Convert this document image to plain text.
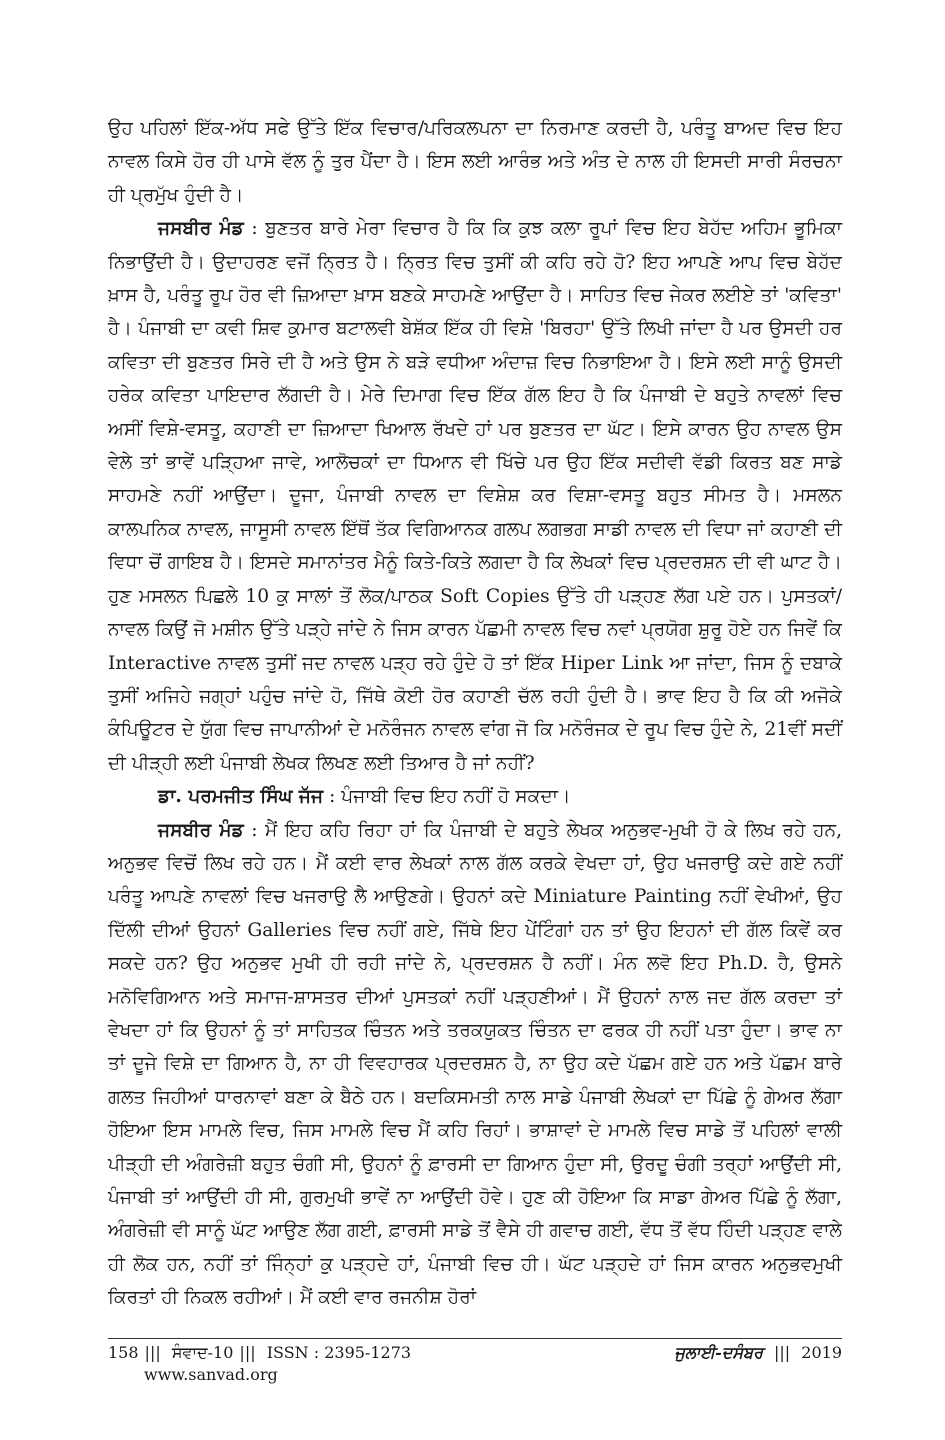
ਉਹ ਪਹਿਲਾਂ ਇੱਕ-ਅੱਧ ਸਫੇ ਉੱਤੇ ਇੱਕ ਵਿਚਾਰ/ਪਰਿਕਲਪਨਾ ਦਾ ਨਿਰਮਾਣ ਕਰਦੀ ਹੈ, ਪਰੰਤੂ ਬਾਅਦ ਵਿਚ ਇਹ ਨਾਵਲ ਕਿਸੇ ਹੋਰ ਹੀ ਪਾਸੇ ਵੱਲ ਨੂੰ ਤੁਰ ਪੈਂਦਾ ਹੈ। ਇਸ ਲਈ ਆਰੰਭ ਅਤੇ ਅੰਤ ਦੇ ਨਾਲ ਹੀ ਇਸਦੀ ਸਾਰੀ ਸੰਰਚਨਾ ਹੀ ਪ੍ਰਮੁੱਖ ਹੁੰਦੀ ਹੈ।

ਜਸਬੀਰ ਮੰਡ : ਬੁਣਤਰ ਬਾਰੇ ਮੇਰਾ ਵਿਚਾਰ ਹੈ ਕਿ ਕਿ ਕੁਝ ਕਲਾ ਰੂਪਾਂ ਵਿਚ ਇਹ ਬੇਹੱਦ ਅਹਿਮ ਭੂਮਿਕਾ ਨਿਭਾਉਂਦੀ ਹੈ। ਉਦਾਹਰਣ ਵਜੋਂ ਨ੍ਰਿਤ ਹੈ। ਨ੍ਰਿਤ ਵਿਚ ਤੁਸੀਂ ਕੀ ਕਹਿ ਰਹੇ ਹੋ? ਇਹ ਆਪਣੇ ਆਪ ਵਿਚ ਬੇਹੱਦ ਖ਼ਾਸ ਹੈ, ਪਰੰਤੂ ਰੂਪ ਹੋਰ ਵੀ ਜ਼ਿਆਦਾ ਖ਼ਾਸ ਬਣਕੇ ਸਾਹਮਣੇ ਆਉਂਦਾ ਹੈ। ਸਾਹਿਤ ਵਿਚ ਜੇਕਰ ਲਈਏ ਤਾਂ 'ਕਵਿਤਾ' ਹੈ। ਪੰਜਾਬੀ ਦਾ ਕਵੀ ਸ਼ਿਵ ਕੁਮਾਰ ਬਟਾਲਵੀ ਬੇਸ਼ੱਕ ਇੱਕ ਹੀ ਵਿਸ਼ੇ 'ਬਿਰਹਾ' ਉੱਤੇ ਲਿਖੀ ਜਾਂਦਾ ਹੈ ਪਰ ਉਸਦੀ ਹਰ ਕਵਿਤਾ ਦੀ ਬੁਣਤਰ ਸਿਰੇ ਦੀ ਹੈ ਅਤੇ ਉਸ ਨੇ ਬੜੇ ਵਧੀਆ ਅੰਦਾਜ਼ ਵਿਚ ਨਿਭਾਇਆ ਹੈ। ਇਸੇ ਲਈ ਸਾਨੂੰ ਉਸਦੀ ਹਰੇਕ ਕਵਿਤਾ ਪਾਇਦਾਰ ਲੱਗਦੀ ਹੈ। ਮੇਰੇ ਦਿਮਾਗ ਵਿਚ ਇੱਕ ਗੱਲ ਇਹ ਹੈ ਕਿ ਪੰਜਾਬੀ ਦੇ ਬਹੁਤੇ ਨਾਵਲਾਂ ਵਿਚ ਅਸੀਂ ਵਿਸ਼ੇ-ਵਸਤੂ, ਕਹਾਣੀ ਦਾ ਜ਼ਿਆਦਾ ਖਿਆਲ ਰੱਖਦੇ ਹਾਂ ਪਰ ਬੁਣਤਰ ਦਾ ਘੱਟ। ਇਸੇ ਕਾਰਨ ਉਹ ਨਾਵਲ ਉਸ ਵੇਲੇ ਤਾਂ ਭਾਵੇਂ ਪੜ੍ਹਿਆ ਜਾਵੇ, ਆਲੋਚਕਾਂ ਦਾ ਧਿਆਨ ਵੀ ਖਿੱਚੇ ਪਰ ਉਹ ਇੱਕ ਸਦੀਵੀ ਵੱਡੀ ਕਿਰਤ ਬਣ ਸਾਡੇ ਸਾਹਮਣੇ ਨਹੀਂ ਆਉਂਦਾ। ਦੂਜਾ, ਪੰਜਾਬੀ ਨਾਵਲ ਦਾ ਵਿਸ਼ੇਸ਼ ਕਰ ਵਿਸ਼ਾ-ਵਸਤੂ ਬਹੁਤ ਸੀਮਤ ਹੈ। ਮਸਲਨ ਕਾਲਪਨਿਕ ਨਾਵਲ, ਜਾਸੂਸੀ ਨਾਵਲ ਇੱਥੋਂ ਤੱਕ ਵਿਗਿਆਨਕ ਗਲਪ ਲਗਭਗ ਸਾਡੀ ਨਾਵਲ ਦੀ ਵਿਧਾ ਜਾਂ ਕਹਾਣੀ ਦੀ ਵਿਧਾ ਚੋਂ ਗਾਇਬ ਹੈ। ਇਸਦੇ ਸਮਾਨਾਂਤਰ ਮੈਨੂੰ ਕਿਤੇ-ਕਿਤੇ ਲਗਦਾ ਹੈ ਕਿ ਲੇਖਕਾਂ ਵਿਚ ਪ੍ਰਦਰਸ਼ਨ ਦੀ ਵੀ ਘਾਟ ਹੈ। ਹੁਣ ਮਸਲਨ ਪਿਛਲੇ 10 ਕੁ ਸਾਲਾਂ ਤੋਂ ਲੋਕ/ਪਾਠਕ Soft Copies ਉੱਤੇ ਹੀ ਪੜ੍ਹਣ ਲੱਗ ਪਏ ਹਨ। ਪੁਸਤਕਾਂ/ਨਾਵਲ ਕਿਉਂ ਜੋ ਮਸ਼ੀਨ ਉੱਤੇ ਪੜ੍ਹੇ ਜਾਂਦੇ ਨੇ ਜਿਸ ਕਾਰਨ ਪੱਛਮੀ ਨਾਵਲ ਵਿਚ ਨਵਾਂ ਪ੍ਰਯੋਗ ਸ਼ੁਰੂ ਹੋਏ ਹਨ ਜਿਵੇਂ ਕਿ Interactive ਨਾਵਲ ਤੁਸੀਂ ਜਦ ਨਾਵਲ ਪੜ੍ਹ ਰਹੇ ਹੁੰਦੇ ਹੋ ਤਾਂ ਇੱਕ Hiper Link ਆ ਜਾਂਦਾ, ਜਿਸ ਨੂੰ ਦਬਾਕੇ ਤੁਸੀਂ ਅਜਿਹੇ ਜਗ੍ਹਾਂ ਪਹੁੰਚ ਜਾਂਦੇ ਹੋ, ਜਿੱਥੇ ਕੋਈ ਹੋਰ ਕਹਾਣੀ ਚੱਲ ਰਹੀ ਹੁੰਦੀ ਹੈ। ਭਾਵ ਇਹ ਹੈ ਕਿ ਕੀ ਅਜੋਕੇ ਕੰਪਿਊਟਰ ਦੇ ਯੁੱਗ ਵਿਚ ਜਾਪਾਨੀਆਂ ਦੇ ਮਨੋਰੰਜਨ ਨਾਵਲ ਵਾਂਗ ਜੋ ਕਿ ਮਨੋਰੰਜਕ ਦੇ ਰੂਪ ਵਿਚ ਹੁੰਦੇ ਨੇ, 21ਵੀਂ ਸਦੀਂ ਦੀ ਪੀੜ੍ਹੀ ਲਈ ਪੰਜਾਬੀ ਲੇਖਕ ਲਿਖਣ ਲਈ ਤਿਆਰ ਹੈ ਜਾਂ ਨਹੀਂ?

ਡਾ. ਪਰਮਜੀਤ ਸਿੰਘ ਜੱਜ : ਪੰਜਾਬੀ ਵਿਚ ਇਹ ਨਹੀਂ ਹੋ ਸਕਦਾ।

ਜਸਬੀਰ ਮੰਡ : ਮੈਂ ਇਹ ਕਹਿ ਰਿਹਾ ਹਾਂ ਕਿ ਪੰਜਾਬੀ ਦੇ ਬਹੁਤੇ ਲੇਖਕ ਅਨੁਭਵ-ਮੁਖੀ ਹੋ ਕੇ ਲਿਖ ਰਹੇ ਹਨ, ਅਨੁਭਵ ਵਿਚੋਂ ਲਿਖ ਰਹੇ ਹਨ। ਮੈਂ ਕਈ ਵਾਰ ਲੇਖਕਾਂ ਨਾਲ ਗੱਲ ਕਰਕੇ ਵੇਖਦਾ ਹਾਂ, ਉਹ ਖਜਰਾਉ ਕਦੇ ਗਏ ਨਹੀਂ ਪਰੰਤੂ ਆਪਣੇ ਨਾਵਲਾਂ ਵਿਚ ਖਜਰਾਉ ਲੈ ਆਉਣਗੇ। ਉਹਨਾਂ ਕਦੇ Miniature Painting ਨਹੀਂ ਵੇਖੀਆਂ, ਉਹ ਦਿੱਲੀ ਦੀਆਂ ਉਹਨਾਂ Galleries ਵਿਚ ਨਹੀਂ ਗਏ, ਜਿੱਥੇ ਇਹ ਪੇਂਟਿੰਗਾਂ ਹਨ ਤਾਂ ਉਹ ਇਹਨਾਂ ਦੀ ਗੱਲ ਕਿਵੇਂ ਕਰ ਸਕਦੇ ਹਨ? ਉਹ ਅਨੁਭਵ ਮੁਖੀ ਹੀ ਰਹੀ ਜਾਂਦੇ ਨੇ, ਪ੍ਰਦਰਸ਼ਨ ਹੈ ਨਹੀਂ। ਮੰਨ ਲਵੋ ਇਹ Ph.D. ਹੈ, ਉਸਨੇ ਮਨੋਵਿਗਿਆਨ ਅਤੇ ਸਮਾਜ-ਸ਼ਾਸਤਰ ਦੀਆਂ ਪੁਸਤਕਾਂ ਨਹੀਂ ਪੜ੍ਹਣੀਆਂ। ਮੈਂ ਉਹਨਾਂ ਨਾਲ ਜਦ ਗੱਲ ਕਰਦਾ ਤਾਂ ਵੇਖਦਾ ਹਾਂ ਕਿ ਉਹਨਾਂ ਨੂੰ ਤਾਂ ਸਾਹਿਤਕ ਚਿੰਤਨ ਅਤੇ ਤਰਕਯੁਕਤ ਚਿੰਤਨ ਦਾ ਫਰਕ ਹੀ ਨਹੀਂ ਪਤਾ ਹੁੰਦਾ। ਭਾਵ ਨਾ ਤਾਂ ਦੂਜੇ ਵਿਸ਼ੇ ਦਾ ਗਿਆਨ ਹੈ, ਨਾ ਹੀ ਵਿਵਹਾਰਕ ਪ੍ਰਦਰਸ਼ਨ ਹੈ, ਨਾ ਉਹ ਕਦੇ ਪੱਛਮ ਗਏ ਹਨ ਅਤੇ ਪੱਛਮ ਬਾਰੇ ਗਲਤ ਜਿਹੀਆਂ ਧਾਰਨਾਵਾਂ ਬਣਾ ਕੇ ਬੈਠੇ ਹਨ। ਬਦਕਿਸਮਤੀ ਨਾਲ ਸਾਡੇ ਪੰਜਾਬੀ ਲੇਖਕਾਂ ਦਾ ਪਿੱਛੇ ਨੂੰ ਗੇਅਰ ਲੱਗਾ ਹੋਇਆ ਇਸ ਮਾਮਲੇ ਵਿਚ, ਜਿਸ ਮਾਮਲੇ ਵਿਚ ਮੈਂ ਕਹਿ ਰਿਹਾਂ। ਭਾਸ਼ਾਵਾਂ ਦੇ ਮਾਮਲੇ ਵਿਚ ਸਾਡੇ ਤੋਂ ਪਹਿਲਾਂ ਵਾਲੀ ਪੀੜ੍ਹੀ ਦੀ ਅੰਗਰੇਜ਼ੀ ਬਹੁਤ ਚੰਗੀ ਸੀ, ਉਹਨਾਂ ਨੂੰ ਫ਼ਾਰਸੀ ਦਾ ਗਿਆਨ ਹੁੰਦਾ ਸੀ, ਉਰਦੂ ਚੰਗੀ ਤਰ੍ਹਾਂ ਆਉਂਦੀ ਸੀ, ਪੰਜਾਬੀ ਤਾਂ ਆਉਂਦੀ ਹੀ ਸੀ, ਗੁਰਮੁਖੀ ਭਾਵੇਂ ਨਾ ਆਉਂਦੀ ਹੋਵੇ। ਹੁਣ ਕੀ ਹੋਇਆ ਕਿ ਸਾਡਾ ਗੇਅਰ ਪਿੱਛੇ ਨੂੰ ਲੱਗਾ, ਅੰਗਰੇਜ਼ੀ ਵੀ ਸਾਨੂੰ ਘੱਟ ਆਉਣ ਲੱਗ ਗਈ, ਫ਼ਾਰਸੀ ਸਾਡੇ ਤੋਂ ਵੈਸੇ ਹੀ ਗਵਾਚ ਗਈ, ਵੱਧ ਤੋਂ ਵੱਧ ਹਿੰਦੀ ਪੜ੍ਹਣ ਵਾਲੇ ਹੀ ਲੋਕ ਹਨ, ਨਹੀਂ ਤਾਂ ਜਿੰਨ੍ਹਾਂ ਕੁ ਪੜ੍ਹਦੇ ਹਾਂ, ਪੰਜਾਬੀ ਵਿਚ ਹੀ। ਘੱਟ ਪੜ੍ਹਦੇ ਹਾਂ ਜਿਸ ਕਾਰਨ ਅਨੁਭਵਮੁਖੀ ਕਿਰਤਾਂ ਹੀ ਨਿਕਲ ਰਹੀਆਂ। ਮੈਂ ਕਈ ਵਾਰ ਰਜਨੀਸ਼ ਹੋਰਾਂ

158 ||| ਸੰਵਾਦ-10 ||| ISSN : 2395-1273
www.sanvad.org
ਜੁਲਾਈ-ਦਸੰਬਰ ||| 2019
